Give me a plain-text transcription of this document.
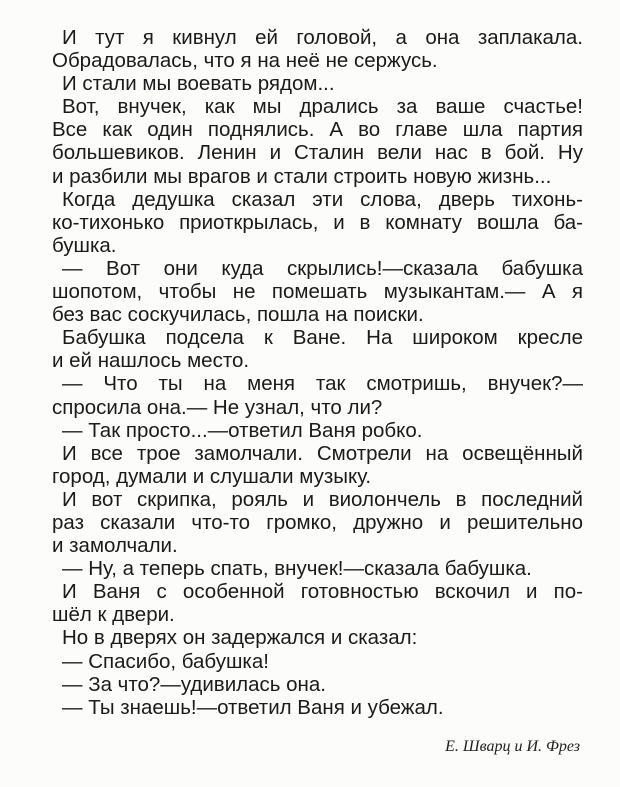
И тут я кивнул ей головой, а она заплакала.
Обрадовалась, что я на неё не сержусь.
И стали мы воевать рядом...
Вот, внучек, как мы дрались за ваше счастье!
Все как один поднялись. А во главе шла партия
большевиков. Ленин и Сталин вели нас в бой. Ну
и разбили мы врагов и стали строить новую жизнь...
Когда дедушка сказал эти слова, дверь тихонь-
ко-тихонько приоткрылась, и в комнату вошла ба-
бушка.
— Вот они куда скрылись!—сказала бабушка
шопотом, чтобы не помешать музыкантам.— А я
без вас соскучилась, пошла на поиски.
Бабушка подсела к Ване. На широком кресле
и ей нашлось место.
— Что ты на меня так смотришь, внучек?—
спросила она.— Не узнал, что ли?
— Так просто...—ответил Ваня робко.
И все трое замолчали. Смотрели на освещённый
город, думали и слушали музыку.
И вот скрипка, рояль и виолончель в последний
раз сказали что-то громко, дружно и решительно
и замолчали.
— Ну, а теперь спать, внучек!—сказала бабушка.
И Ваня с особенной готовностью вскочил и по-
шёл к двери.
Но в дверях он задержался и сказал:
— Спасибо, бабушка!
— За что?—удивилась она.
— Ты знаешь!—ответил Ваня и убежал.
Е. Шварц и И. Фрез
